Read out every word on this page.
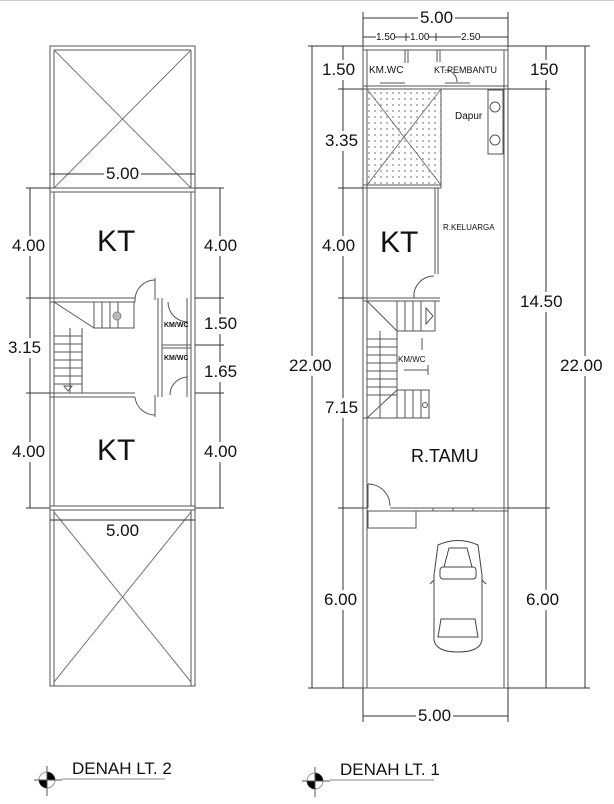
5.00
KT
4.00	4.00
KM/WC 1.50
3.15
KM/WC
1.65
KT
4.00	4.00
5.00
DENAH LT. 2
5.00
1.50 1.00	2.50
1.50 KM.WC	KT.PEMBANTU 150
Dapur
3.35
R.KELUARGA
KT
4.00
14.50
KM/WC
22.00	22.00
7.15
R.TAMU
6.00	6.00
5.00
DENAH LT. 1
